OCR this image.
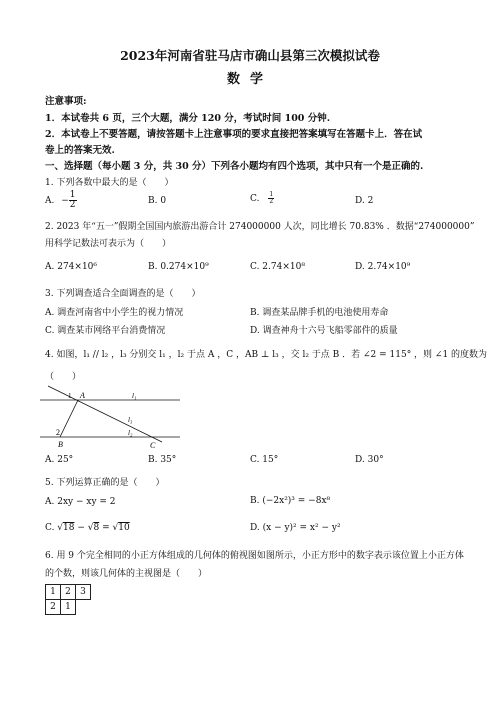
2023年河南省驻马店市确山县第三次模拟试卷
数学
注意事项:
1．本试卷共 6 页，三个大题，满分 120 分，考试时间 100 分钟.
2．本试卷上不要答题，请按答题卡上注意事项的要求直接把答案填写在答题卡上．答在试
卷上的答案无效.
一、选择题（每小题 3 分，共 30 分）下列各小题均有四个选项，其中只有一个是正确的.
1. 下列各数中最大的是（　　）
A. − $\frac{1}{2}$	B. 0	C. $\frac{1}{2}$	D. 2
2. 2023 年“五一”假期全国国内旅游出游合计 274000000 人次，同比增长 70.83% ．数据“274000000”
用科学记数法可表示为（　　）
A. 274×10⁶	B. 0.274×10⁹	C. 2.74×10⁸	D. 2.74×10⁹
3. 下列调查适合全面调查的是（　　）
A. 调查河南省中小学生的视力情况	B. 调查某品牌手机的电池使用寿命
C. 调查某市网络平台消费情况	D. 调查神舟十六号飞船零部件的质量
4. 如图，l₁ // l₂ ，l₃ 分别交 l₁ ，l₂ 于点 A ，C ，AB ⊥ l₃ ，交 l₂ 于点 B ．若 ∠2 = 115° ，则 ∠1 的度数为
（　　）
A
B	C
l₁
l₃
l₂
1
2
A. 25°	B. 35°	C. 15°	D. 30°
5. 下列运算正确的是（　　）
A. 2xy − xy = 2	B. (−2x²)³ = −8x⁸
C. √18 − √8 = √10	D. (x − y)² = x² − y²
6. 用 9 个完全相同的小正方体组成的几何体的俯视图如图所示，小正方形中的数字表示该位置上小正方体
的个数，则该几何体的主视图是（　　）
1	2	3
2	1	
